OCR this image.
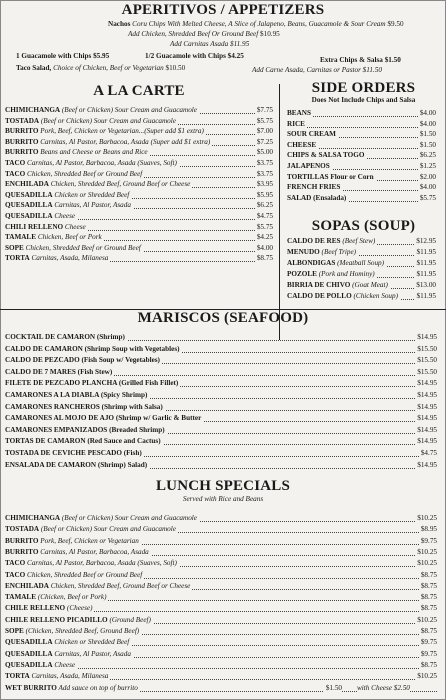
APERITIVOS / APPETIZERS
Nachos Coru Chips With Melted Cheese, A Slice of Jalapeno, Beans, Guacamole & Sour Cream $9.50
Add Chicken, Shredded Beef Or Ground Beef $10.95
Add Carnitas Asada $11.95
1 Guacamole with Chips $5.95	1/2 Guacamole with Chips $4.25	Extra Chips & Salsa $1.50
Taco Salad, Choice of Chicken, Beef or Vegetarian $10.50	Add Carne Asada, Carnitas or Pastor $11.50
A LA CARTE
CHIMICHANGA (Beef or Chicken) Sour Cream and Guacamole	$7.75
TOSTADA (Beef or Chicken) Sour Cream and Guacamole	$5.75
BURRITO Pork, Beef, Chicken or Vegetarian...(Super add $1 extra)	$7.00
BURRITO Carnitas, Al Pastor, Barbacoa, Asada (Super add $1 extra)	$7.25
BURRITO Beans and Cheese or Beans and Rice	$5.00
TACO Carnitas, Al Pastor, Barbacoa, Asada (Suaves, Soft)	$3.75
TACO Chicken, Shredded Beef or Ground Beef	$3.75
ENCHILADA Chicken, Shredded Beef, Ground Beef or Cheese	$3.95
QUESADILLA Chicken or Shredded Beef	$5.95
QUESADILLA Carnitas, Al Pastor, Asada	$6.25
QUESADILLA Cheese	$4.75
CHILI RELLENO Cheese	$5.75
TAMALE Chicken, Beef or Pork	$4.25
SOPE Chicken, Shredded Beef or Ground Beef	$4.00
TORTA Carnitas, Asada, Milanesa	$8.75
SIDE ORDERS
Does Not Include Chips and Salsa
BEANS	$4.00
RICE	$4.00
SOUR CREAM	$1.50
CHEESE	$1.50
CHIPS & SALSA TOGO	$6.25
JALAPENOS	$1.25
TORTILLAS Flour or Corn	$2.00
FRENCH FRIES	$4.00
SALAD (Ensalada)	$5.75
SOPAS (SOUP)
CALDO DE RES (Beef Stew)	$12.95
MENUDO (Beef Tripe)	$11.95
ALBONDIGAS (Meatball Soup)	$11.95
POZOLE (Pork and Hominy)	$11.95
BIRRIA DE CHIVO (Goat Meat)	$13.00
CALDO DE POLLO (Chicken Soup)	$11.95
MARISCOS (SEAFOOD)
COCKTAIL DE CAMARON (Shrimp)	$14.95
CALDO DE CAMARON (Shrimp Soup with Vegetables)	$15.50
CALDO DE PEZCADO (Fish Soup w/ Vegetables)	$15.50
CALDO DE 7 MARES (Fish Stew)	$15.50
FILETE DE PEZCADO PLANCHA (Grilled Fish Fillet)	$14.95
CAMARONES A LA DIABLA (Spicy Shrimp)	$14.95
CAMARONES RANCHEROS (Shrimp with Salsa)	$14.95
CAMARONES AL MOJO DE AJO (Shrimp w/ Garlic & Butter	$14.95
CAMARONES EMPANIZADOS (Breaded Shrimp)	$14.95
TORTAS DE CAMARON (Red Sauce and Cactus)	$14.95
TOSTADA DE CEVICHE PESCADO (Fish)	$4.75
ENSALADA DE CAMARON (Shrimp) Salad)	$14.95
LUNCH SPECIALS
Served with Rice and Beans
CHIMICHANGA (Beef or Chicken) Sour Cream and Guacamole	$10.25
TOSTADA (Beef or Chicken) Sour Cream and Guacamole	$8.95
BURRITO Pork, Beef, Chicken or Vegetarian	$9.75
BURRITO Carnitas, Al Pastor, Barbacoa, Asada	$10.25
TACO Carnitas, Al Pastor, Barbacoa, Asada (Suaves, Soft)	$10.25
TACO Chicken, Shredded Beef or Ground Beef	$8.75
ENCHILADA Chicken, Shredded Beef, Ground Beef or Cheese	$8.75
TAMALE (Chicken, Beef or Pork)	$8.75
CHILE RELLENO (Cheese)	$8.75
CHILE RELLENO PICADILLO (Ground Beef)	$10.25
SOPE (Chicken, Shredded Beef, Ground Beef)	$8.75
QUESADILLA Chicken or Shredded Beef	$9.75
QUESADILLA Carnitas, Al Pastor, Asada	$9.75
QUESADILLA Cheese	$8.75
TORTA Carnitas, Asada, Milanesa	$10.25
WET BURRITO Add sauce on top of burrito	$1.50 with Cheese $2.50
